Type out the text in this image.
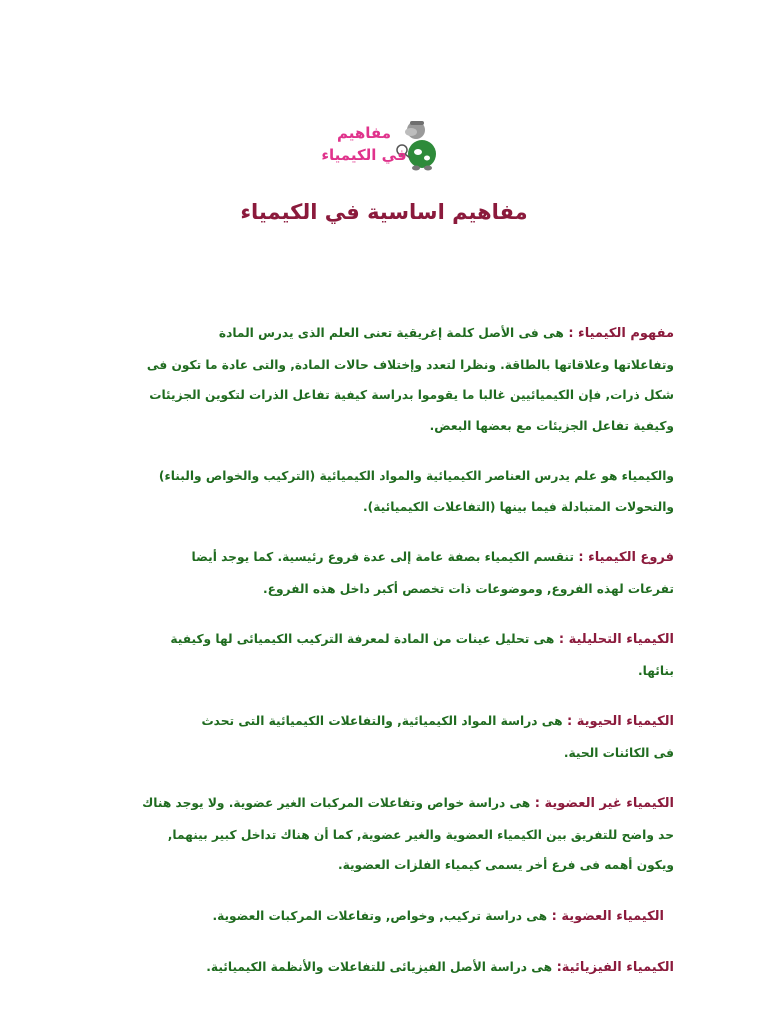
مفاهيم
في الكيمياء
مفاهيم اساسية في الكيمياء
مفهوم الكيمياء : هى فى الأصل كلمة إغريقية تعنى العلم الذى يدرس المادة
وتفاعلاتها وعلاقاتها بالطاقة. ونظرا لتعدد وإختلاف حالات المادة, والتى عادة ما تكون فى
شكل ذرات, فإن الكيميائيين غالبا ما يقوموا بدراسة كيفية تفاعل الذرات لتكوين الجزيئات
وكيفية تفاعل الجزيئات مع بعضها البعض.
والكيمياء هو علم يدرس العناصر الكيميائية والمواد الكيميائية (التركيب والخواص والبناء)
والتحولات المتبادلة فيما بينها (التفاعلات الكيميائية).
فروع الكيمياء : تنقسم الكيمياء بصفة عامة إلى عدة فروع رئيسية. كما يوجد أيضا
تفرعات لهذه الفروع, وموضوعات ذات تخصص أكبر داخل هذه الفروع.
الكيمياء التحليلية : هى تحليل عينات من المادة لمعرفة التركيب الكيميائى لها وكيفية
بنائها.
الكيمياء الحيوية : هى دراسة المواد الكيميائية, والتفاعلات الكيميائية التى تحدث
فى الكائنات الحية.
الكيمياء غير العضوية : هى دراسة خواص وتفاعلات المركبات الغير عضوية. ولا يوجد هناك
حد واضح للتفريق بين الكيمياء العضوية والغير عضوية, كما أن هناك تداخل كبير بينهما,
ويكون أهمه فى فرع أخر يسمى كيمياء الفلزات العضوية.
الكيمياء العضوية : هى دراسة تركيب, وخواص, وتفاعلات المركبات العضوية.
الكيمياء الفيزيائية: هى دراسة الأصل الفيزيائى للتفاعلات والأنظمة الكيميائية.
